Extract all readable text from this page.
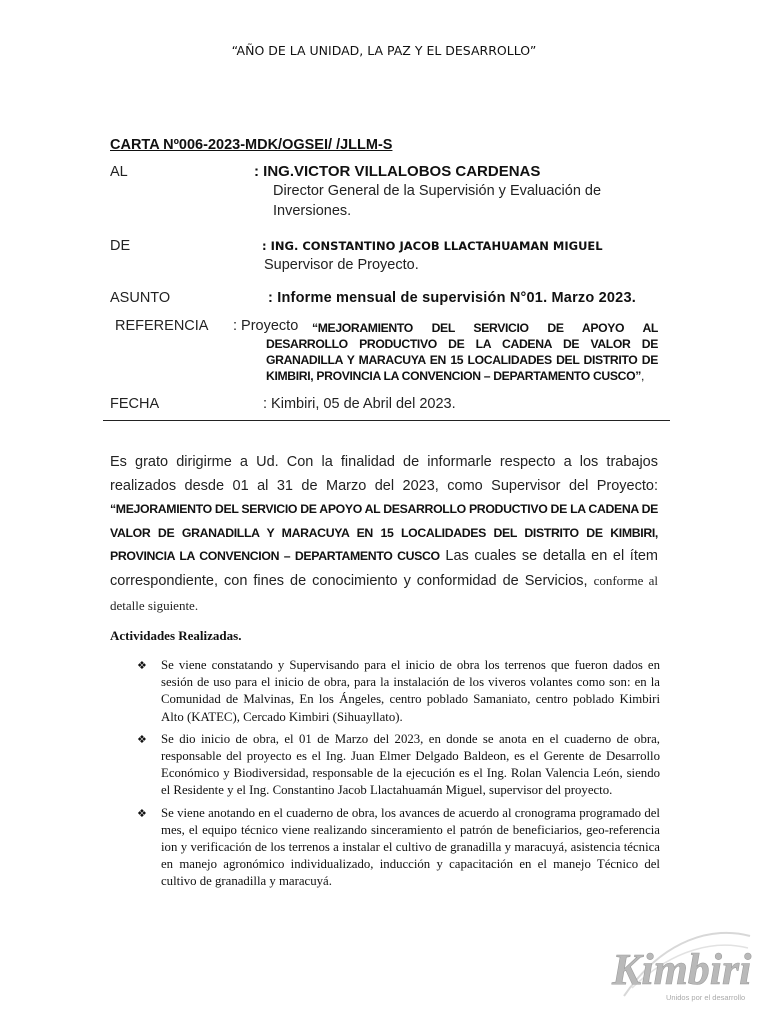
“AÑO DE LA UNIDAD, LA PAZ Y EL DESARROLLO”
CARTA Nº006-2023-MDK/OGSEI/ /JLLM-S
AL	: ING.VICTOR VILLALOBOS CARDENAS
Director General de la Supervisión y Evaluación de
Inversiones.
DE	: ING. CONSTANTINO JACOB LLACTAHUAMAN MIGUEL
Supervisor de Proyecto.
ASUNTO	: Informe mensual de supervisión N°01. Marzo 2023.
REFERENCIA : Proyecto	“MEJORAMIENTO DEL SERVICIO DE APOYO AL DESARROLLO PRODUCTIVO DE LA CADENA DE VALOR DE GRANADILLA Y MARACUYA EN 15 LOCALIDADES DEL DISTRITO DE KIMBIRI, PROVINCIA LA CONVENCION – DEPARTAMENTO CUSCO”,
FECHA	: Kimbiri, 05 de Abril del 2023.
Es grato dirigirme a Ud. Con la finalidad de informarle respecto a los trabajos realizados desde 01 al 31 de Marzo del 2023, como Supervisor del Proyecto: “MEJORAMIENTO DEL SERVICIO DE APOYO AL DESARROLLO PRODUCTIVO DE LA CADENA DE VALOR DE GRANADILLA Y MARACUYA EN 15 LOCALIDADES DEL DISTRITO DE KIMBIRI, PROVINCIA LA CONVENCION – DEPARTAMENTO CUSCO Las cuales se detalla en el ítem correspondiente, con fines de conocimiento y conformidad de Servicios, conforme al detalle siguiente.
Actividades Realizadas.
❖ Se viene constatando y Supervisando para el inicio de obra los terrenos que fueron dados en sesión de uso para el inicio de obra, para la instalación de los viveros volantes como son: en la Comunidad de Malvinas, En los Ángeles, centro poblado Samaniato, centro poblado Kimbiri Alto (KATEC), Cercado Kimbiri (Sihuayllato).
❖ Se dio inicio de obra, el 01 de Marzo del 2023, en donde se anota en el cuaderno de obra, responsable del proyecto es el Ing. Juan Elmer Delgado Baldeon, es el Gerente de Desarrollo Económico y Biodiversidad, responsable de la ejecución es el Ing. Rolan Valencia León, siendo el Residente y el Ing. Constantino Jacob Llactahuamán Miguel, supervisor del proyecto.
❖ Se viene anotando en el cuaderno de obra, los avances de acuerdo al cronograma programado del mes, el equipo técnico viene realizando sinceramiento el patrón de beneficiarios, geo-referencia ion y verificación de los terrenos a instalar el cultivo de granadilla y maracuyá, asistencia técnica en manejo agronómico individualizado, inducción y capacitación en el manejo Técnico del cultivo de granadilla y maracuyá.
Kimbiri
Unidos por el desarrollo
